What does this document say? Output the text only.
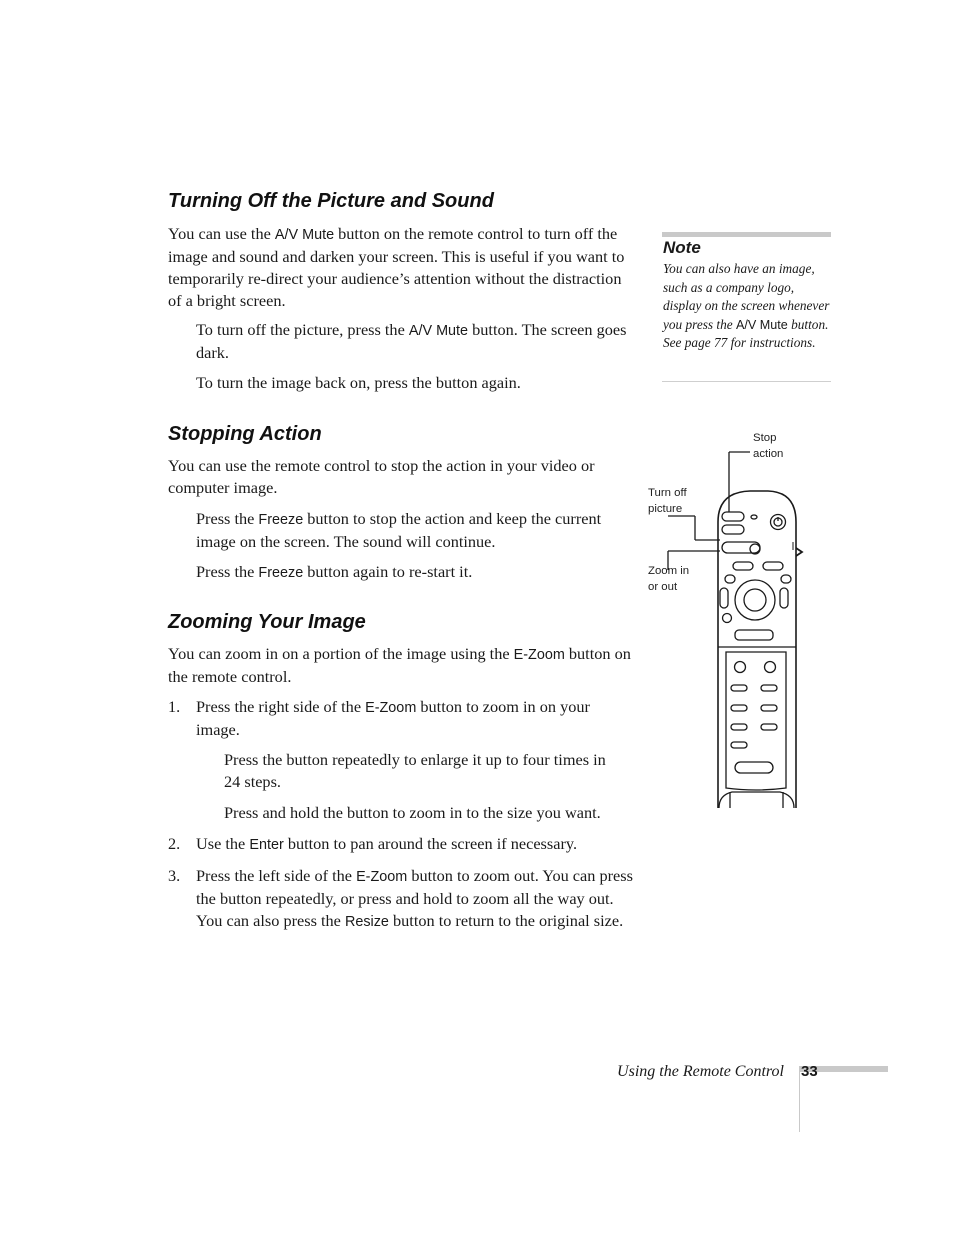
Turning Off the Picture and Sound

You can use the A/V Mute button on the remote control to turn off the image and sound and darken your screen. This is useful if you want to temporarily re-direct your audience’s attention without the distraction of a bright screen.

To turn off the picture, press the A/V Mute button. The screen goes dark.

To turn the image back on, press the button again.

Stopping Action

You can use the remote control to stop the action in your video or computer image.

Press the Freeze button to stop the action and keep the current image on the screen. The sound will continue.

Press the Freeze button again to re-start it.

Zooming Your Image

You can zoom in on a portion of the image using the E-Zoom button on the remote control.

1. Press the right side of the E-Zoom button to zoom in on your image.

Press the button repeatedly to enlarge it up to four times in 24 steps.

Press and hold the button to zoom in to the size you want.

2. Use the Enter button to pan around the screen if necessary.

3. Press the left side of the E-Zoom button to zoom out. You can press the button repeatedly, or press and hold to zoom all the way out. You can also press the Resize button to return to the original size.

Note

You can also have an image, such as a company logo, display on the screen whenever you press the A/V Mute button. See page 77 for instructions.

Stop
action

Turn off
picture

Zoom in
or out

Using the Remote Control 33
